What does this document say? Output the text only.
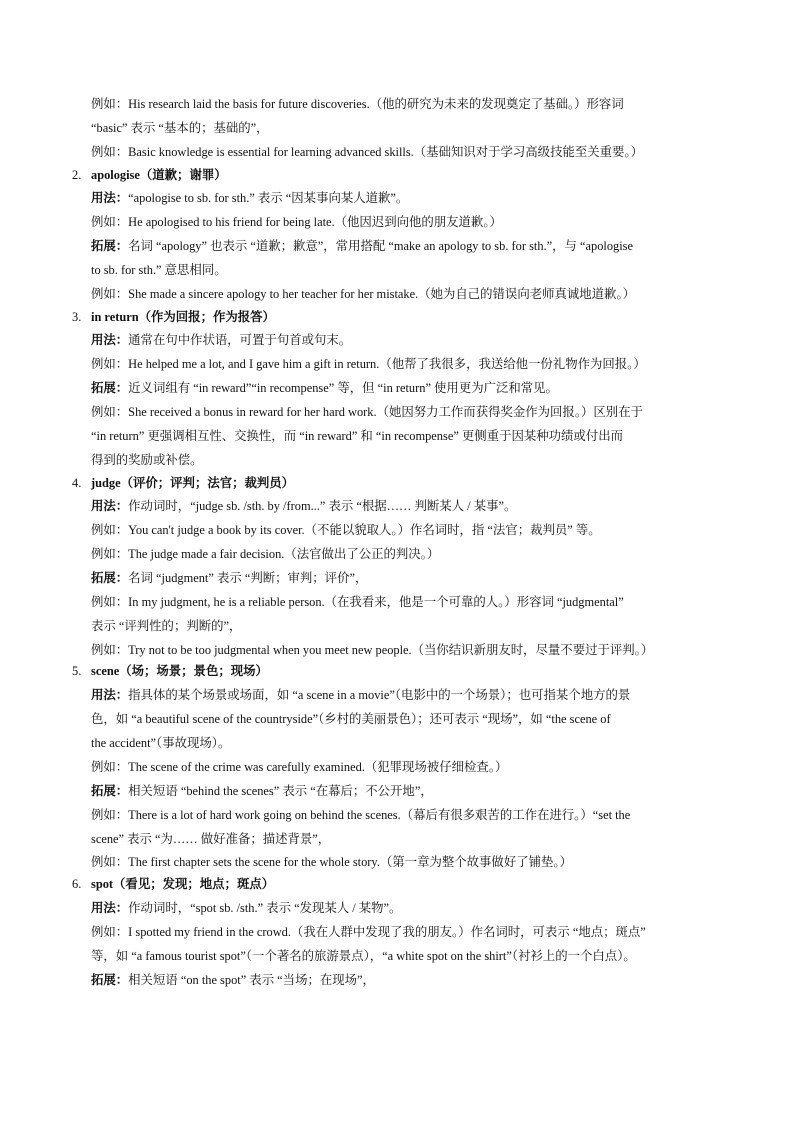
例如：His research laid the basis for future discoveries.（他的研究为未来的发现奠定了基础。）形容词
“basic” 表示 “基本的；基础的”，
例如：Basic knowledge is essential for learning advanced skills.（基础知识对于学习高级技能至关重要。）
2. apologise（道歉；谢罪）
用法：“apologise to sb. for sth.” 表示 “因某事向某人道歉”。
例如：He apologised to his friend for being late.（他因迟到向他的朋友道歉。）
拓展：名词 “apology” 也表示 “道歉；歉意”，常用搭配 “make an apology to sb. for sth.”，与 “apologise
to sb. for sth.” 意思相同。
例如：She made a sincere apology to her teacher for her mistake.（她为自己的错误向老师真诚地道歉。）
3. in return（作为回报；作为报答）
用法：通常在句中作状语，可置于句首或句末。
例如：He helped me a lot, and I gave him a gift in return.（他帮了我很多，我送给他一份礼物作为回报。）
拓展：近义词组有 “in reward”“in recompense” 等，但 “in return” 使用更为广泛和常见。
例如：She received a bonus in reward for her hard work.（她因努力工作而获得奖金作为回报。）区别在于
“in return” 更强调相互性、交换性，而 “in reward” 和 “in recompense” 更侧重于因某种功绩或付出而
得到的奖励或补偿。
4. judge（评价；评判；法官；裁判员）
用法：作动词时，“judge sb. /sth. by /from...” 表示 “根据…… 判断某人 / 某事”。
例如：You can't judge a book by its cover.（不能以貌取人。）作名词时，指 “法官；裁判员” 等。
例如：The judge made a fair decision.（法官做出了公正的判决。）
拓展：名词 “judgment” 表示 “判断；审判；评价”，
例如：In my judgment, he is a reliable person.（在我看来，他是一个可靠的人。）形容词 “judgmental”
表示 “评判性的；判断的”，
例如：Try not to be too judgmental when you meet new people.（当你结识新朋友时，尽量不要过于评判。）
5. scene（场；场景；景色；现场）
用法：指具体的某个场景或场面，如 “a scene in a movie”（电影中的一个场景）；也可指某个地方的景
色，如 “a beautiful scene of the countryside”（乡村的美丽景色）；还可表示 “现场”，如 “the scene of
the accident”（事故现场）。
例如：The scene of the crime was carefully examined.（犯罪现场被仔细检查。）
拓展：相关短语 “behind the scenes” 表示 “在幕后；不公开地”，
例如：There is a lot of hard work going on behind the scenes.（幕后有很多艰苦的工作在进行。）“set the
scene” 表示 “为…… 做好准备；描述背景”，
例如：The first chapter sets the scene for the whole story.（第一章为整个故事做好了铺垫。）
6. spot（看见；发现；地点；斑点）
用法：作动词时，“spot sb. /sth.” 表示 “发现某人 / 某物”。
例如：I spotted my friend in the crowd.（我在人群中发现了我的朋友。）作名词时，可表示 “地点；斑点”
等，如 “a famous tourist spot”（一个著名的旅游景点），“a white spot on the shirt”（衬衫上的一个白点）。
拓展：相关短语 “on the spot” 表示 “当场；在现场”，
